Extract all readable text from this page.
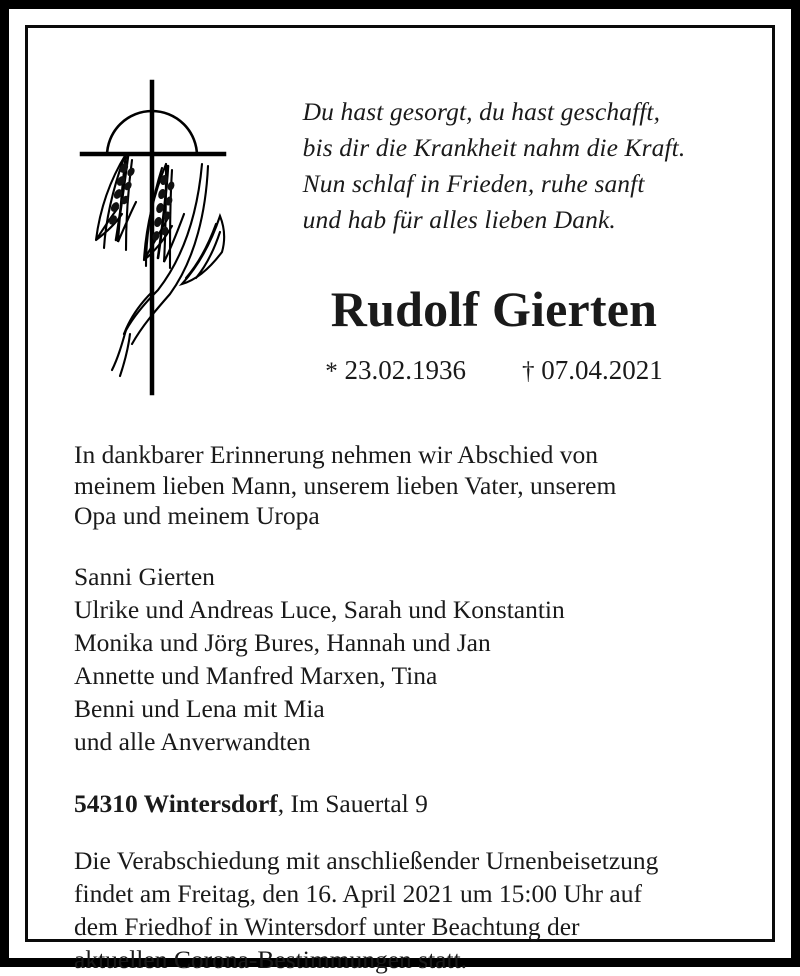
Du hast gesorgt, du hast geschafft,
bis dir die Krankheit nahm die Kraft.
Nun schlaf in Frieden, ruhe sanft
und hab für alles lieben Dank.
Rudolf Gierten
* 23.02.1936 † 07.04.2021
In dankbarer Erinnerung nehmen wir Abschied von
meinem lieben Mann, unserem lieben Vater, unserem
Opa und meinem Uropa
Sanni Gierten
Ulrike und Andreas Luce, Sarah und Konstantin
Monika und Jörg Bures, Hannah und Jan
Annette und Manfred Marxen, Tina
Benni und Lena mit Mia
und alle Anverwandten
54310 Wintersdorf, Im Sauertal 9
Die Verabschiedung mit anschließender Urnenbeisetzung
findet am Freitag, den 16. April 2021 um 15:00 Uhr auf
dem Friedhof in Wintersdorf unter Beachtung der
aktuellen Corona-Bestimmungen statt.
